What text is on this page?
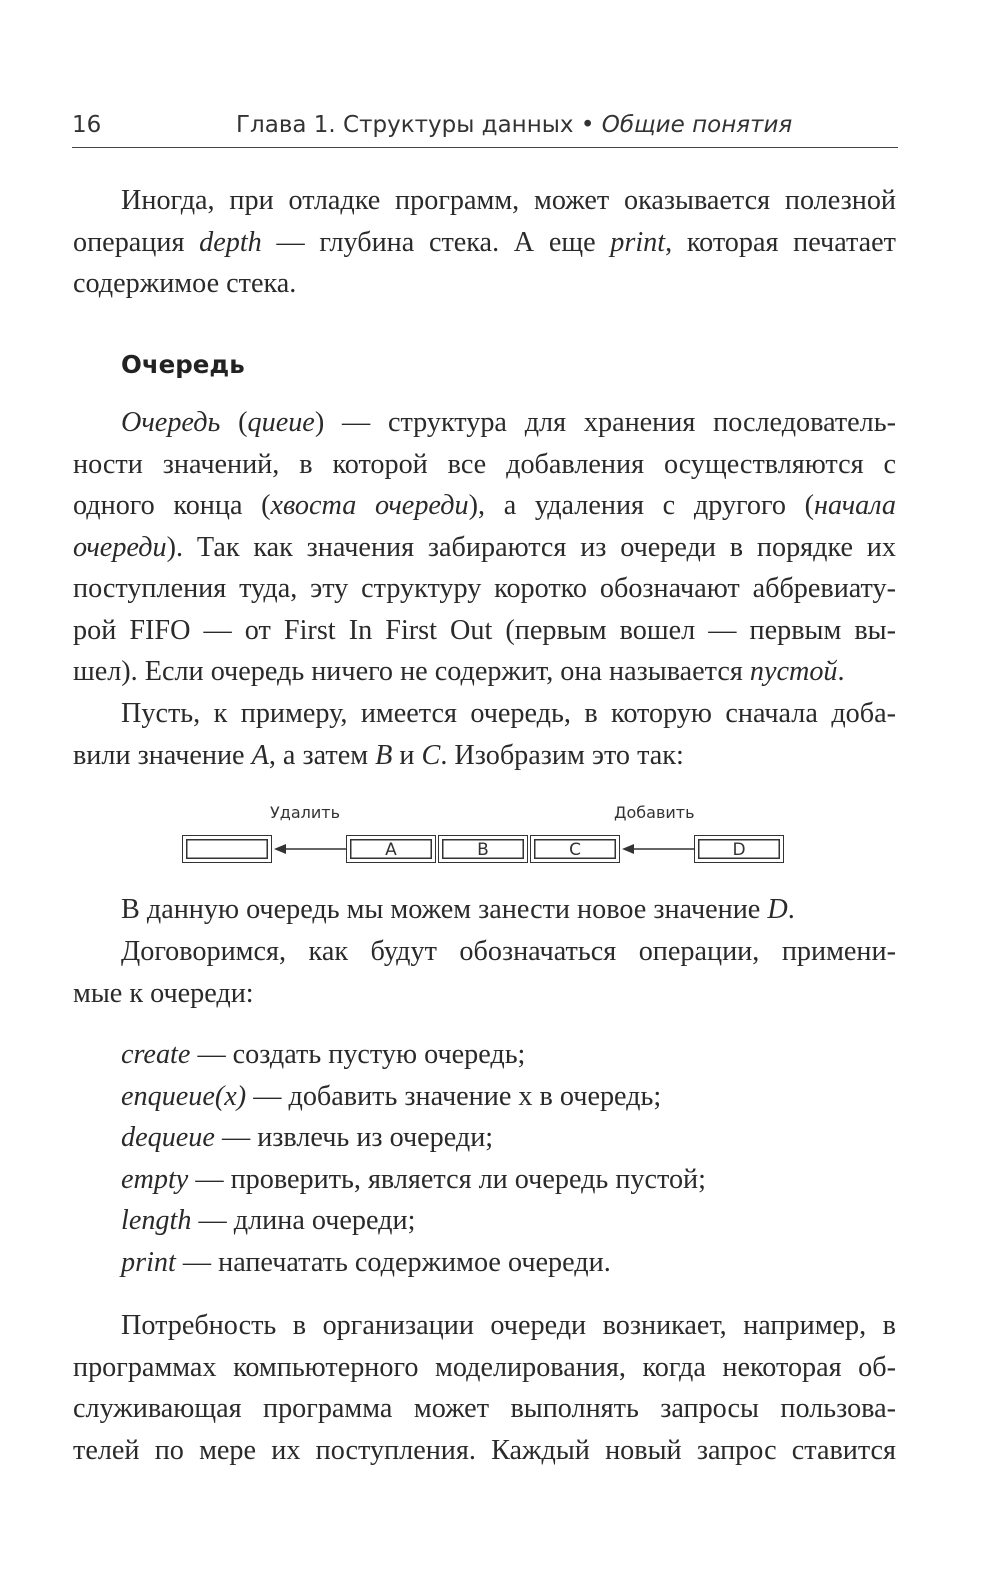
16	Глава 1. Структуры данных • Общие понятия
Иногда, при отладке программ, может оказывается полезной
операция depth — глубина стека. А еще print, которая печатает
содержимое стека.
Очередь
Очередь (queue) — структура для хранения последователь-
ности значений, в которой все добавления осуществляются с
одного конца (хвоста очереди), а удаления с другого (начала
очереди). Так как значения забираются из очереди в порядке их
поступления туда, эту структуру коротко обозначают аббревиату-
рой FIFO — от First In First Out (первым вошел — первым вы-
шел). Если очередь ничего не содержит, она называется пустой.
Пусть, к примеру, имеется очередь, в которую сначала доба-
вили значение A, а затем B и C. Изобразим это так:
Удалить	Добавить
A	B	C	D
В данную очередь мы можем занести новое значение D.
Договоримся, как будут обозначаться операции, примени-
мые к очереди:
create — создать пустую очередь;
enqueue(x) — добавить значение x в очередь;
dequeue — извлечь из очереди;
empty — проверить, является ли очередь пустой;
length — длина очереди;
print — напечатать содержимое очереди.
Потребность в организации очереди возникает, например, в
программах компьютерного моделирования, когда некоторая об-
служивающая программа может выполнять запросы пользова-
телей по мере их поступления. Каждый новый запрос ставится
